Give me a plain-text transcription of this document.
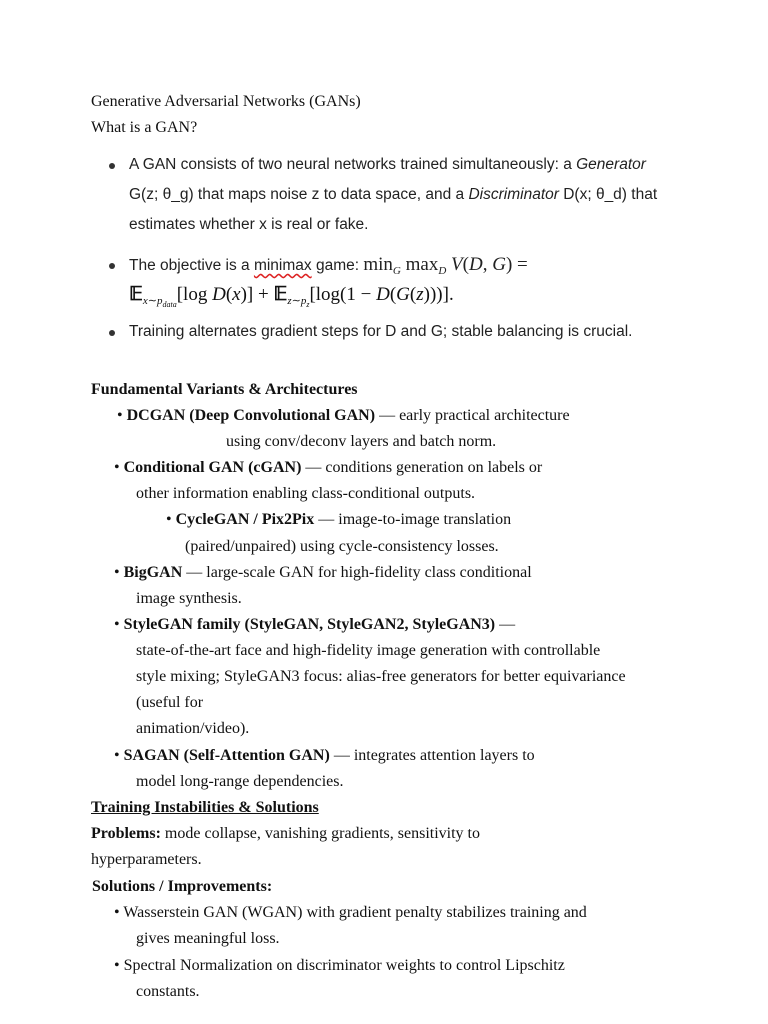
Generative Adversarial Networks (GANs)
What is a GAN?
A GAN consists of two neural networks trained simultaneously: a Generator
G(z; θ_g) that maps noise z to data space, and a Discriminator D(x; θ_d) that
estimates whether x is real or fake.
The objective is a minimax game: $\min_G \max_D V(D$, G) =
𝔼$_{x\sim p_{data}}$[log D(x)] + 𝔼$_{z\sim p_z}$[log(1 − D(G(z)))].
Training alternates gradient steps for D and G; stable balancing is crucial.
Fundamental Variants & Architectures
• DCGAN (Deep Convolutional GAN) — early practical architecture
using conv/deconv layers and batch norm.
• Conditional GAN (cGAN) — conditions generation on labels or
other information enabling class-conditional outputs.
• CycleGAN / Pix2Pix — image-to-image translation
(paired/unpaired) using cycle-consistency losses.
• BigGAN — large-scale GAN for high-fidelity class conditional
image synthesis.
• StyleGAN family (StyleGAN, StyleGAN2, StyleGAN3) —
state-of-the-art face and high-fidelity image generation with controllable
style mixing; StyleGAN3 focus: alias-free generators for better equivariance
(useful for
animation/video).
• SAGAN (Self-Attention GAN) — integrates attention layers to
model long-range dependencies.
Training Instabilities & Solutions
Problems: mode collapse, vanishing gradients, sensitivity to
hyperparameters.
Solutions / Improvements:
• Wasserstein GAN (WGAN) with gradient penalty stabilizes training and
gives meaningful loss.
• Spectral Normalization on discriminator weights to control Lipschitz
constants.
